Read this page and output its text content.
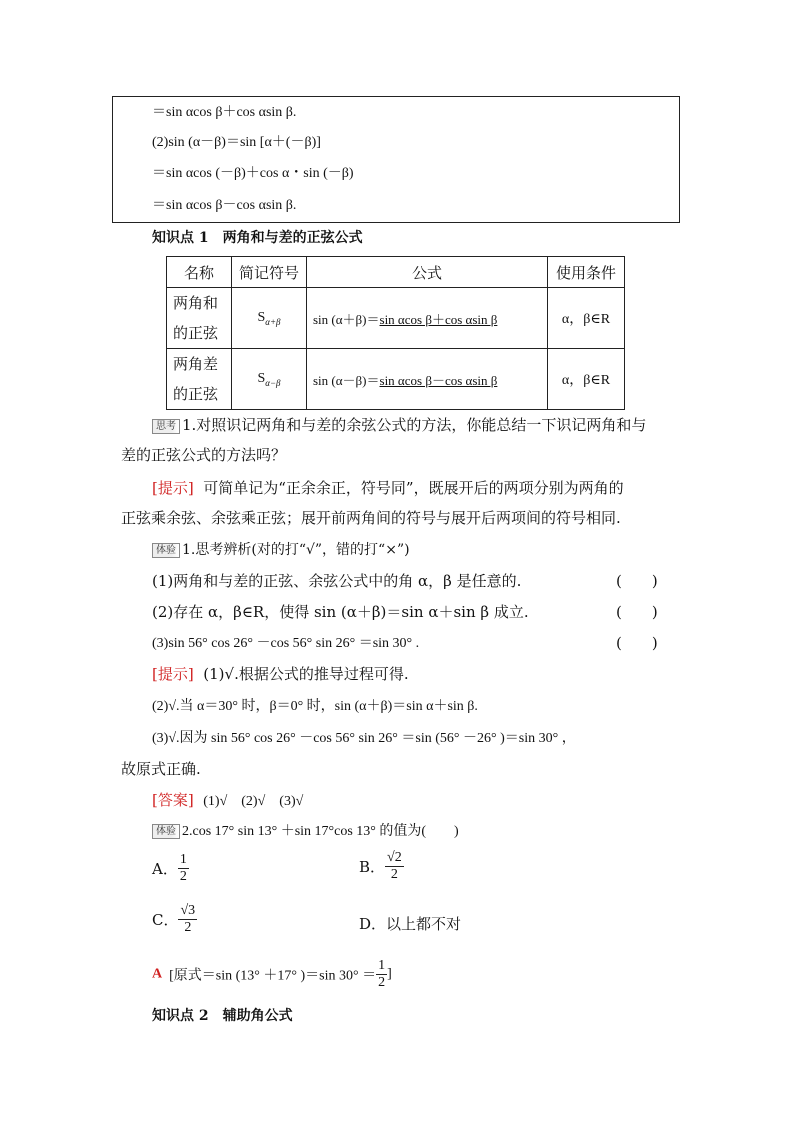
＝sin αcos β＋cos αsin β.
(2)sin (α－β)＝sin [α＋(－β)]
＝sin αcos (－β)＋cos α・sin (－β)
＝sin αcos β－cos αsin β.
知识点 1　两角和与差的正弦公式
名称	简记符号	公式	使用条件

两角和
的正弦	$S_{\alpha+\beta}$	sin (α＋β)＝sin αcos β＋cos αsin β	α，β∈R

两角差
的正弦	$S_{\alpha-\beta}$	sin (α－β)＝sin αcos β－cos αsin β	α，β∈R
思考 1.对照识记两角和与差的余弦公式的方法，你能总结一下识记两角和与
差的正弦公式的方法吗？
[提示] 可简单记为“正余余正，符号同”，既展开后的两项分别为两角的
正弦乘余弦、余弦乘正弦；展开前两角间的符号与展开后两项间的符号相同.
体验 1.思考辨析(对的打“√”，错的打“×”)
(1)两角和与差的正弦、余弦公式中的角 α，β 是任意的.	(　　)
(2)存在 α，β∈R，使得 sin (α＋β)＝sin α＋sin β 成立.	(　　)
(3)sin 56° cos 26° －cos 56° sin 26° ＝sin 30° .	(　　)
[提示] (1)√.根据公式的推导过程可得.
(2)√.当 α＝30° 时，β＝0° 时，sin (α＋β)＝sin α＋sin β.
(3)√.因为 sin 56° cos 26° －cos 56° sin 26° ＝sin (56° －26° )＝sin 30° ，
故原式正确.
[答案] (1)√　(2)√　(3)√
体验 2.cos 17° sin 13° ＋sin 17°cos 13° 的值为(　　)
A． $\frac{1}{2}$	B． $\frac{√2}{2}$
C． $\frac{√3}{2}$	D．以上都不对
A [原式＝sin (13° ＋17° )＝sin $30^\circ = \frac{1}{2}$ ]
知识点 2　辅助角公式
